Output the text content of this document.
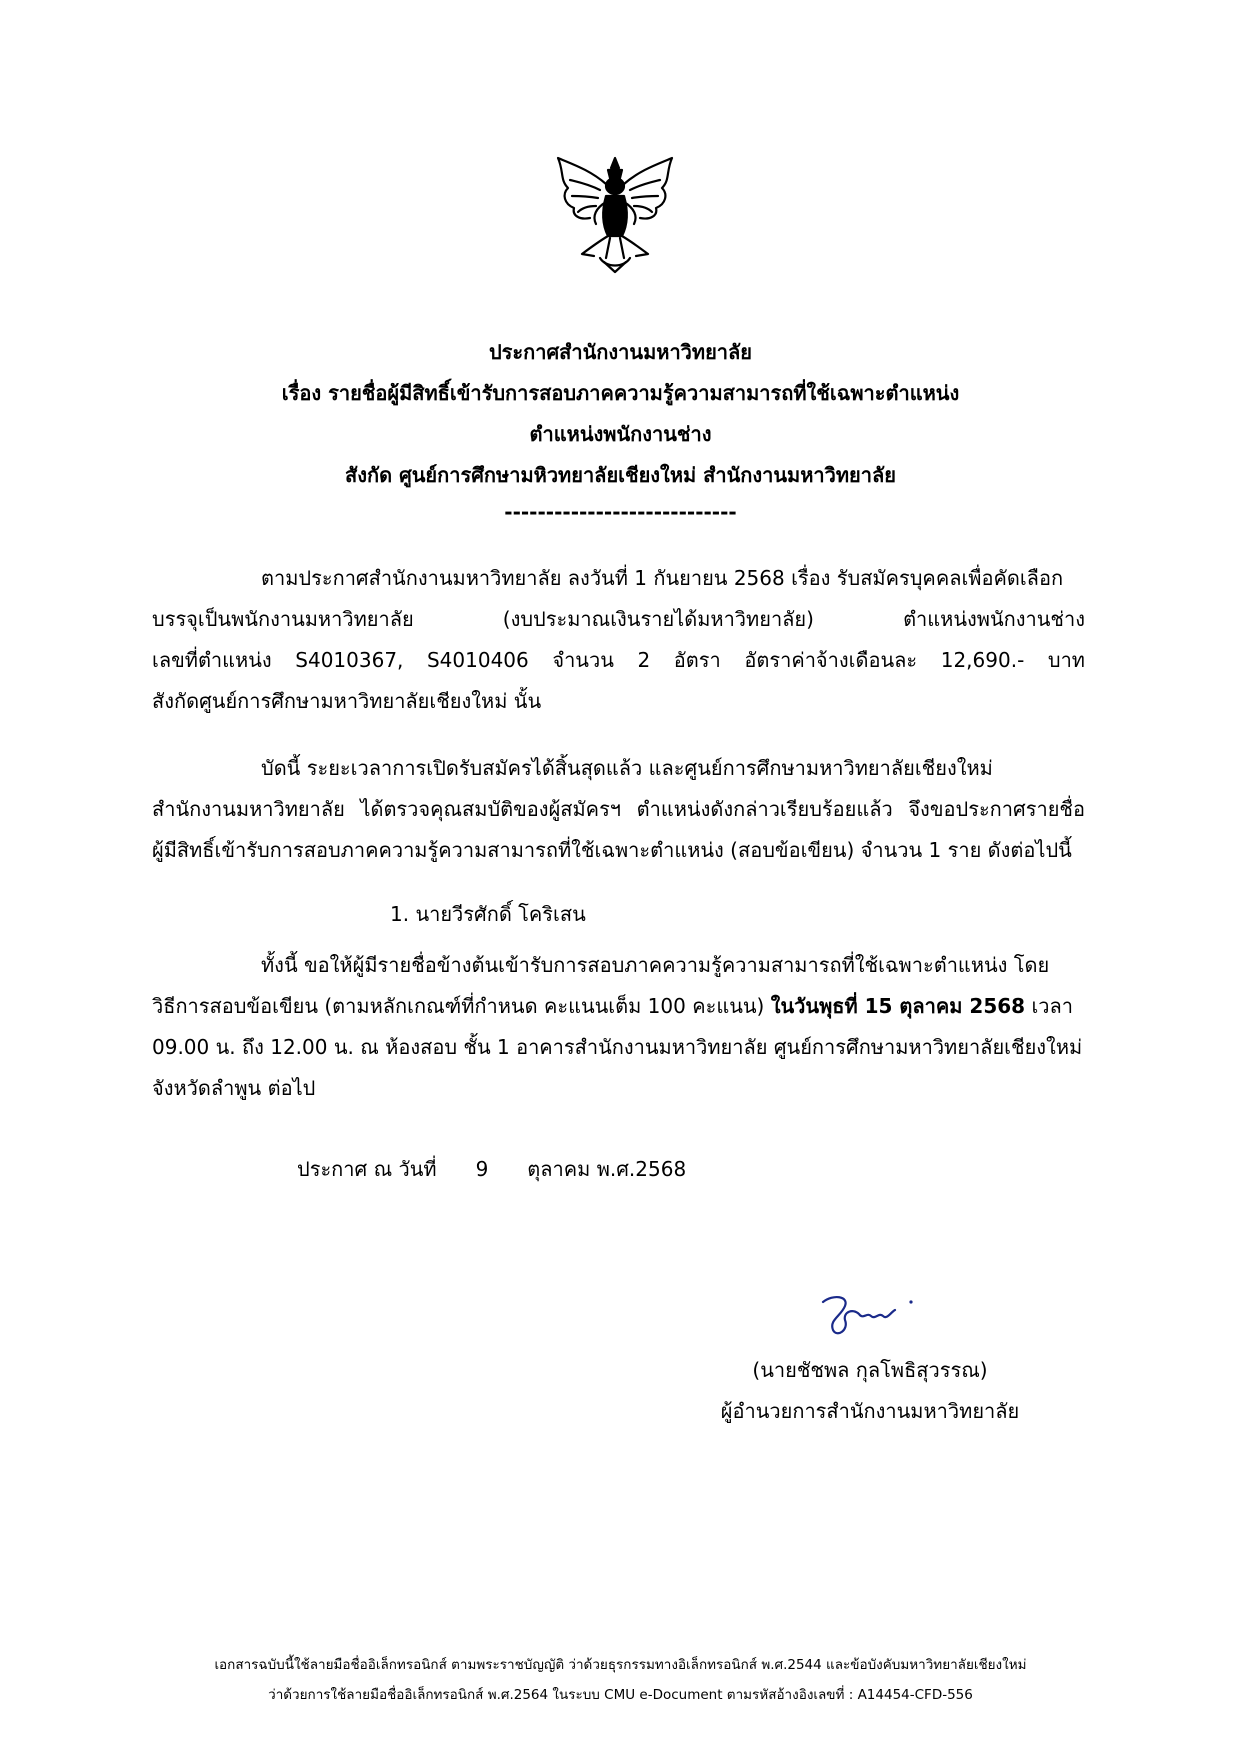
ประกาศสำนักงานมหาวิทยาลัย
เรื่อง รายชื่อผู้มีสิทธิ์เข้ารับการสอบภาคความรู้ความสามารถที่ใช้เฉพาะตำแหน่ง
ตำแหน่งพนักงานช่าง
สังกัด ศูนย์การศึกษามหิวทยาลัยเชียงใหม่ สำนักงานมหาวิทยาลัย
----------------------------
ตามประกาศสำนักงานมหาวิทยาลัย ลงวันที่ 1 กันยายน 2568 เรื่อง รับสมัครบุคคลเพื่อคัดเลือก
บรรจุเป็นพนักงานมหาวิทยาลัย (งบประมาณเงินรายได้มหาวิทยาลัย) ตำแหน่งพนักงานช่าง
เลขที่ตำแหน่ง S4010367, S4010406 จำนวน 2 อัตรา อัตราค่าจ้างเดือนละ 12,690.- บาท
สังกัดศูนย์การศึกษามหาวิทยาลัยเชียงใหม่ นั้น
บัดนี้ ระยะเวลาการเปิดรับสมัครได้สิ้นสุดแล้ว และศูนย์การศึกษามหาวิทยาลัยเชียงใหม่
สำนักงานมหาวิทยาลัย ได้ตรวจคุณสมบัติของผู้สมัครฯ ตำแหน่งดังกล่าวเรียบร้อยแล้ว จึงขอประกาศรายชื่อ
ผู้มีสิทธิ์เข้ารับการสอบภาคความรู้ความสามารถที่ใช้เฉพาะตำแหน่ง (สอบข้อเขียน) จำนวน 1 ราย ดังต่อไปนี้
1. นายวีรศักดิ์ โคริเสน
ทั้งนี้ ขอให้ผู้มีรายชื่อข้างต้นเข้ารับการสอบภาคความรู้ความสามารถที่ใช้เฉพาะตำแหน่ง โดย
วิธีการสอบข้อเขียน (ตามหลักเกณฑ์ที่กำหนด คะแนนเต็ม 100 คะแนน) ในวันพุธที่ 15 ตุลาคม 2568 เวลา
09.00 น. ถึง 12.00 น. ณ ห้องสอบ ชั้น 1 อาคารสำนักงานมหาวิทยาลัย ศูนย์การศึกษามหาวิทยาลัยเชียงใหม่
จังหวัดลำพูน ต่อไป
ประกาศ ณ วันที่ 9 ตุลาคม พ.ศ.2568
(นายชัชพล กุลโพธิสุวรรณ)
ผู้อำนวยการสำนักงานมหาวิทยาลัย
เอกสารฉบับนี้ใช้ลายมือชื่ออิเล็กทรอนิกส์ ตามพระราชบัญญัติ ว่าด้วยธุรกรรมทางอิเล็กทรอนิกส์ พ.ศ.2544 และข้อบังคับมหาวิทยาลัยเชียงใหม่
ว่าด้วยการใช้ลายมือชื่ออิเล็กทรอนิกส์ พ.ศ.2564 ในระบบ CMU e-Document ตามรหัสอ้างอิงเลขที่ : A14454-CFD-556
